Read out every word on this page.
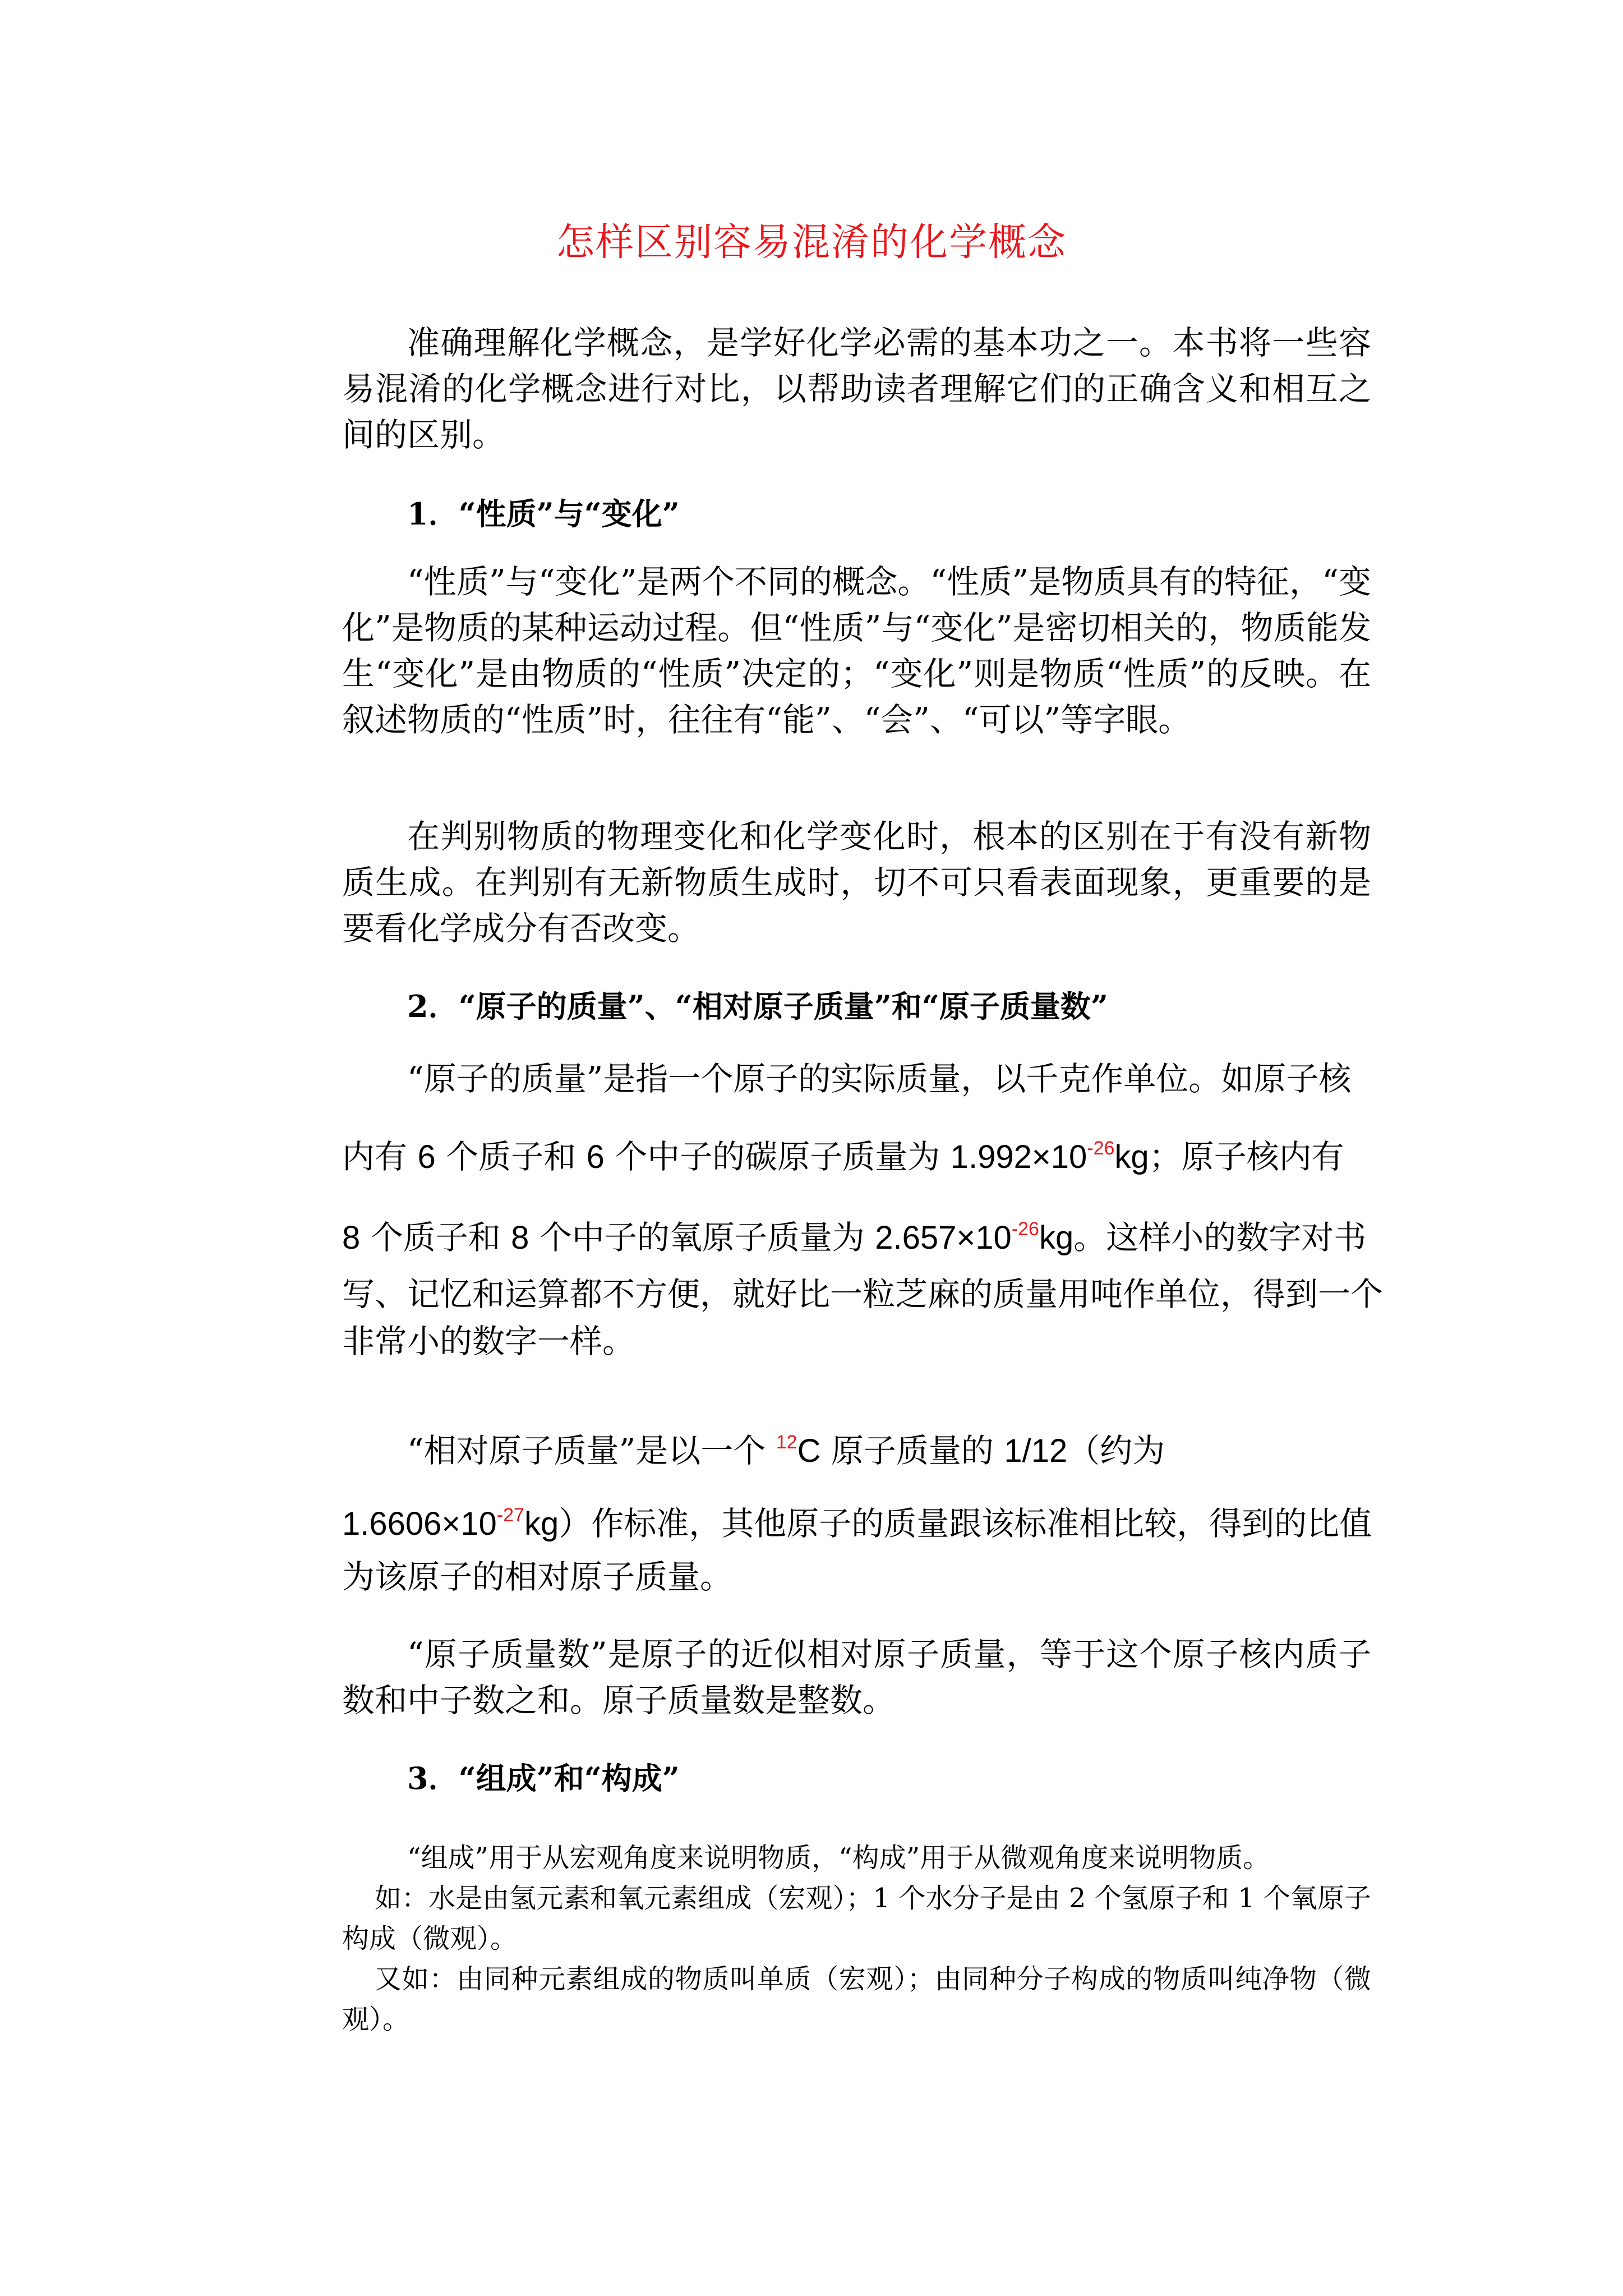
怎样区别容易混淆的化学概念

准确理解化学概念，是学好化学必需的基本功之一。本书将一些容易混淆的化学概念进行对比，以帮助读者理解它们的正确含义和相互之间的区别。

1．“性质”与“变化”

“性质”与“变化”是两个不同的概念。“性质”是物质具有的特征，“变化”是物质的某种运动过程。但“性质”与“变化”是密切相关的，物质能发生“变化”是由物质的“性质”决定的；“变化”则是物质“性质”的反映。在叙述物质的“性质”时，往往有“能”、“会”、“可以”等字眼。

在判别物质的物理变化和化学变化时，根本的区别在于有没有新物质生成。在判别有无新物质生成时，切不可只看表面现象，更重要的是要看化学成分有否改变。

2．“原子的质量”、“相对原子质量”和“原子质量数”

“原子的质量”是指一个原子的实际质量，以千克作单位。如原子核

内有 6 个质子和 6 个中子的碳原子质量为 $1.992\times 10^{-26}kg$；原子核内有

8 个质子和 8 个中子的氧原子质量为 $2.657\times 10^{-26}kg$。这样小的数字对书

写、记忆和运算都不方便，就好比一粒芝麻的质量用吨作单位，得到一个

非常小的数字一样。

“相对原子质量”是以一个 $^{12}$C 原子质量的 1/12（约为

$1.6606\times 10^{-27}kg$）作标准，其他原子的质量跟该标准相比较，得到的比值

为该原子的相对原子质量。

“原子质量数”是原子的近似相对原子质量，等于这个原子核内质子数和中子数之和。原子质量数是整数。

3．“组成”和“构成”

“组成”用于从宏观角度来说明物质，“构成”用于从微观角度来说明物质。

如：水是由氢元素和氧元素组成（宏观）；1 个水分子是由 2 个氢原子和 1 个氧原子构成（微观）。

又如：由同种元素组成的物质叫单质（宏观）；由同种分子构成的物质叫纯净物（微观）。
